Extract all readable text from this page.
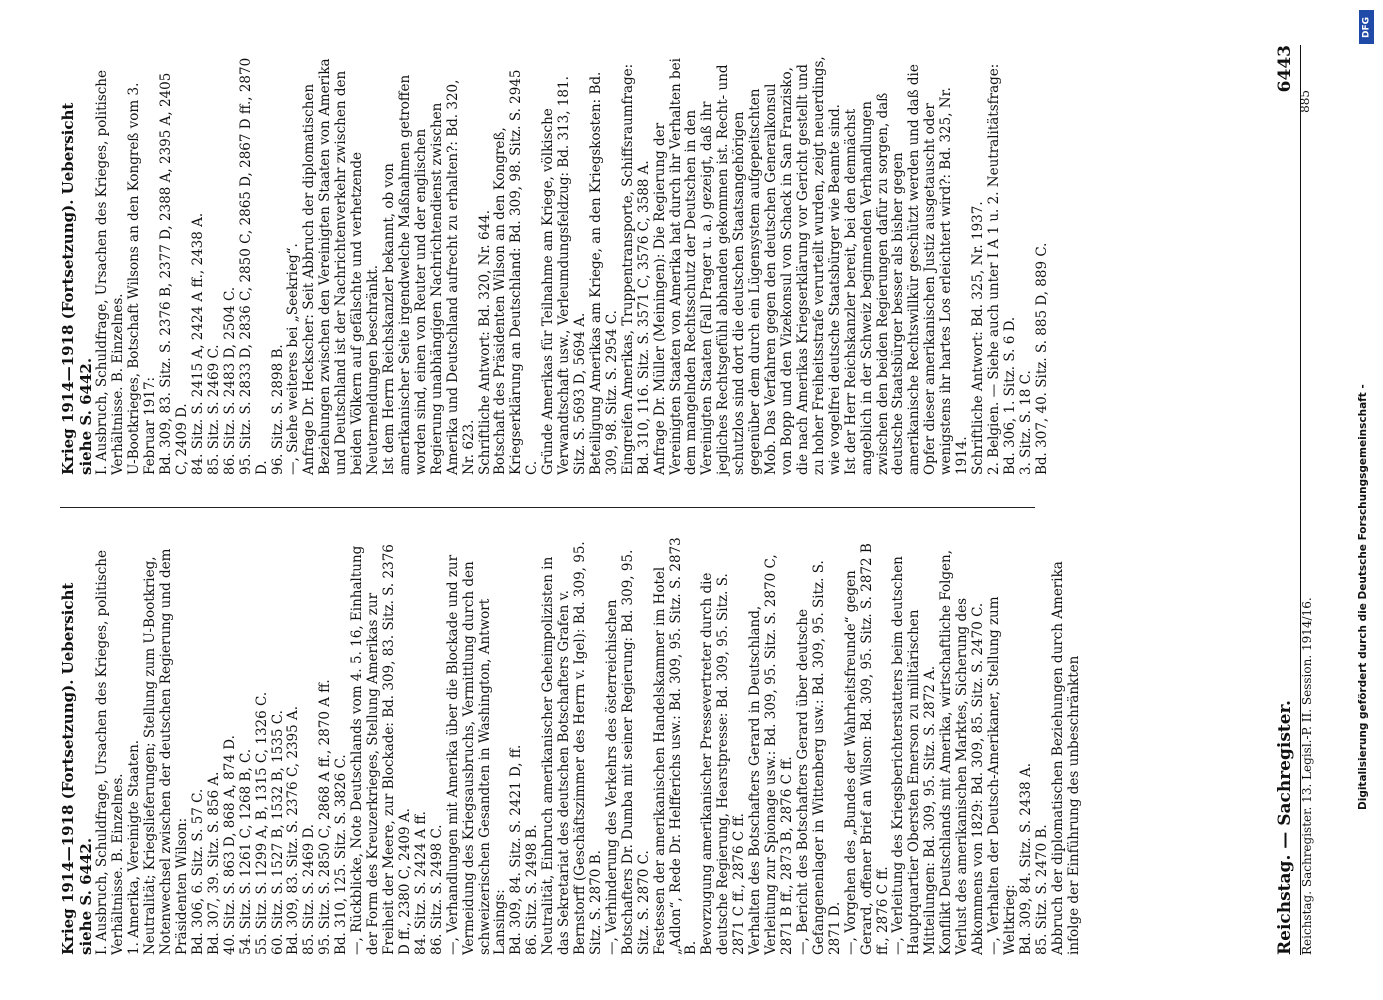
Reichstag. — Sachregister.
6443

Krieg 1914—1918 (Fortsetzung). Uebersicht siehe S. 6442. I. Ausbruch, Schuldfrage, Ursachen des Krieges, politische Verhältnisse. B. Einzelnes. 1. Amerika, Vereinigte Staaten. Neutralität; Kriegslieferungen; Stellung zum U-Bootkrieg, Notenwechsel zwischen der deutschen Regierung und dem Präsidenten Wilson: Bd. 306, 6. Sitz. S. 57 C. Bd. 307, 39. Sitz. S. 856 A. 40. Sitz. S. 863 D, 868 A, 874 D. 54. Sitz. S. 1261 C, 1268 B, C. 55. Sitz. S. 1299 A, B, 1315 C, 1326 C. 60. Sitz. S. 1527 B, 1532 B, 1535 C. Bd. 309, 83. Sitz. S. 2376 C, 2395 A. 85. Sitz. S. 2469 D. 95. Sitz. S. 2850 C, 2868 A ff., 2870 A ff. Bd. 310, 125. Sitz. S. 3826 C. —, Rückblicke, Note Deutschlands vom 4. 5. 16, Einhaltung der Form des Kreuzerkrieges, Stellung Amerikas zur Freiheit der Meere, zur Blockade: Bd. 309, 83. Sitz. S. 2376 D ff., 2380 C, 2409 A. 84. Sitz. S. 2424 A ff. 86. Sitz. S. 2498 C. —, Verhandlungen mit Amerika über die Blockade und zur Vermeidung des Kriegsausbruchs, Vermittlung durch den schweizerischen Gesandten in Washington, Antwort Lansings: Bd. 309, 84. Sitz. S. 2421 D, ff. 86. Sitz. S. 2498 B. Neutralität, Einbruch amerikanischer Geheimpolizisten in das Sekretariat des deutschen Botschafters Grafen v. Bernstorff (Geschäftszimmer des Herrn v. Igel): Bd. 309, 95. Sitz. S. 2870 B. —, Verhinderung des Verkehrs des österreichischen Botschafters Dr. Dumba mit seiner Regierung: Bd. 309, 95. Sitz. S. 2870 C. Festessen der amerikanischen Handelskammer im Hotel „Adlon“, Rede Dr. Helfferichs usw.: Bd. 309, 95. Sitz. S. 2873 B. Bevorzugung amerikanischer Pressevertreter durch die deutsche Regierung, Hearstpresse: Bd. 309, 95. Sitz. S. 2871 C ff., 2876 C ff. Verhalten des Botschafters Gerard in Deutschland, Verleitung zur Spionage usw.: Bd. 309, 95. Sitz. S. 2870 C, 2871 B ff., 2873 B, 2876 C ff. —, Bericht des Botschafters Gerard über deutsche Gefangenenlager in Wittenberg usw.: Bd. 309, 95. Sitz. S. 2871 D. —, Vorgehen des „Bundes der Wahrheitsfreunde“ gegen Gerard, offener Brief an Wilson: Bd. 309, 95. Sitz. S. 2872 B ff., 2876 C ff. —, Verleitung des Kriegsberichterstatters beim deutschen Hauptquartier Obersten Emerson zu militärischen Mitteilungen: Bd. 309, 95. Sitz. S. 2872 A. Konflikt Deutschlands mit Amerika, wirtschaftliche Folgen, Verlust des amerikanischen Marktes, Sicherung des Abkommens von 1829: Bd. 309, 85. Sitz. S. 2470 C. —, Verhalten der Deutsch-Amerikaner, Stellung zum Weltkrieg: Bd. 309, 84. Sitz. S. 2438 A. 85. Sitz. S. 2470 B. Abbruch der diplomatischen Beziehungen durch Amerika infolge der Einführung des unbeschränkten

Krieg 1914—1918 (Fortsetzung). Uebersicht siehe S. 6442. I. Ausbruch, Schuldfrage, Ursachen des Krieges, politische Verhältnisse. B. Einzelnes. U-Bootkrieges, Botschaft Wilsons an den Kongreß vom 3. Februar 1917: Bd. 309, 83. Sitz. S. 2376 B, 2377 D, 2388 A, 2395 A, 2405 C, 2409 D. 84. Sitz. S. 2415 A, 2424 A ff., 2438 A. 85. Sitz. S. 2469 C. 86. Sitz. S. 2483 D, 2504 C. 95. Sitz. S. 2833 D, 2836 C, 2850 C, 2865 D, 2867 D ff., 2870 D. 96. Sitz. S. 2898 B. —, Siehe weiteres bei „Seekrieg“. Anfrage Dr. Heckscher: Seit Abbruch der diplomatischen Beziehungen zwischen den Vereinigten Staaten von Amerika und Deutschland ist der Nachrichtenverkehr zwischen den beiden Völkern auf gefälschte und verhetzende Neutermeldungen beschränkt. Ist dem Herrn Reichskanzler bekannt, ob von amerikanischer Seite irgendwelche Maßnahmen getroffen worden sind, einen von Reuter und der englischen Regierung unabhängigen Nachrichtendienst zwischen Amerika und Deutschland aufrecht zu erhalten?: Bd. 320, Nr. 623. Schriftliche Antwort: Bd. 320, Nr. 644. Botschaft des Präsidenten Wilson an den Kongreß, Kriegserklärung an Deutschland: Bd. 309, 98. Sitz. S. 2945 C. Gründe Amerikas für Teilnahme am Kriege, völkische Verwandtschaft usw., Verleumdungsfeldzug: Bd. 313, 181. Sitz. S. 5693 D, 5694 A. Beteiligung Amerikas am Kriege, an den Kriegskosten: Bd. 309, 98. Sitz. S. 2954 C. Eingreifen Amerikas, Truppentransporte, Schiffsraumfrage: Bd. 310, 116. Sitz. S. 3571 C, 3576 C, 3588 A. Anfrage Dr. Müller (Meiningen): Die Regierung der Vereinigten Staaten von Amerika hat durch ihr Verhalten bei dem mangelnden Rechtsschutz der Deutschen in den Vereinigten Staaten (Fall Prager u. a.) gezeigt, daß ihr jegliches Rechtsgefühl abhanden gekommen ist. Recht- und schutzlos sind dort die deutschen Staatsangehörigen gegenüber dem durch ein Lügensystem aufgepeitschten Mob. Das Verfahren gegen den deutschen Generalkonsul von Bopp und den Vizekonsul von Schack in San Franzisko, die nach Amerikas Kriegserklärung vor Gericht gestellt und zu hoher Freiheitsstrafe verurteilt wurden, zeigt neuerdings, wie vogelfrei deutsche Staatsbürger wie Beamte sind. Ist der Herr Reichskanzler bereit, bei den demnächst angeblich in der Schweiz beginnenden Verhandlungen zwischen den beiden Regierungen dafür zu sorgen, daß deutsche Staatsbürger besser als bisher gegen amerikanische Rechtswillkür geschützt werden und daß die Opfer dieser amerikanischen Justiz ausgetauscht oder wenigstens ihr hartes Los erleichtert wird?: Bd. 325, Nr. 1914. Schriftliche Antwort: Bd. 325, Nr. 1937. 2. Belgien. — Siehe auch unter I A 1 u. 2. Neutralitätsfrage: Bd. 306, 1. Sitz. S. 6 D. 3. Sitz. S. 18 C. Bd. 307, 40. Sitz. S. 885 D, 889 C.

DFG
Digitalisierung gefördert durch die Deutsche Forschungsgemeinschaft -
Reichstag. Sachregister. 13. Legisl.-P. II. Session. 1914/16.
885
